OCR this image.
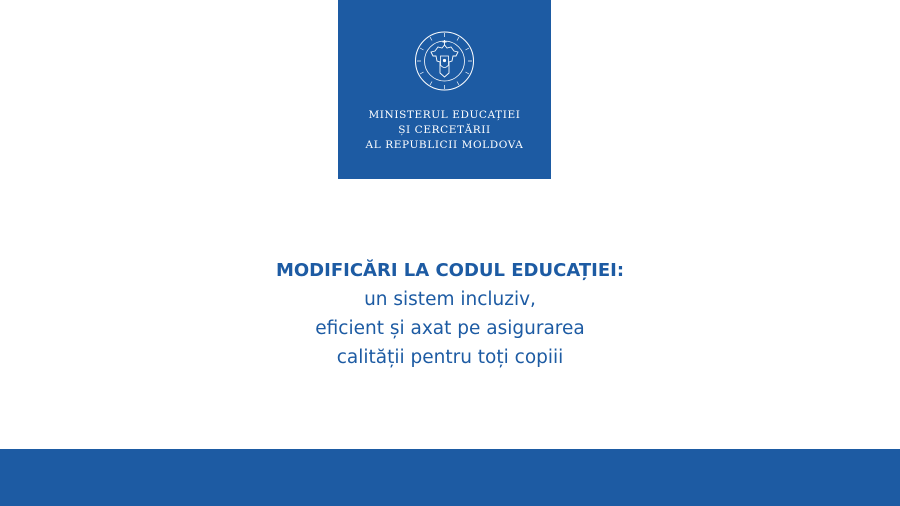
MINISTERUL EDUCAȚIEI
ȘI CERCETĂRII
AL REPUBLICII MOLDOVA
MODIFICĂRI LA CODUL EDUCAȚIEI:
un sistem incluziv,
eficient și axat pe asigurarea
calității pentru toți copiii
